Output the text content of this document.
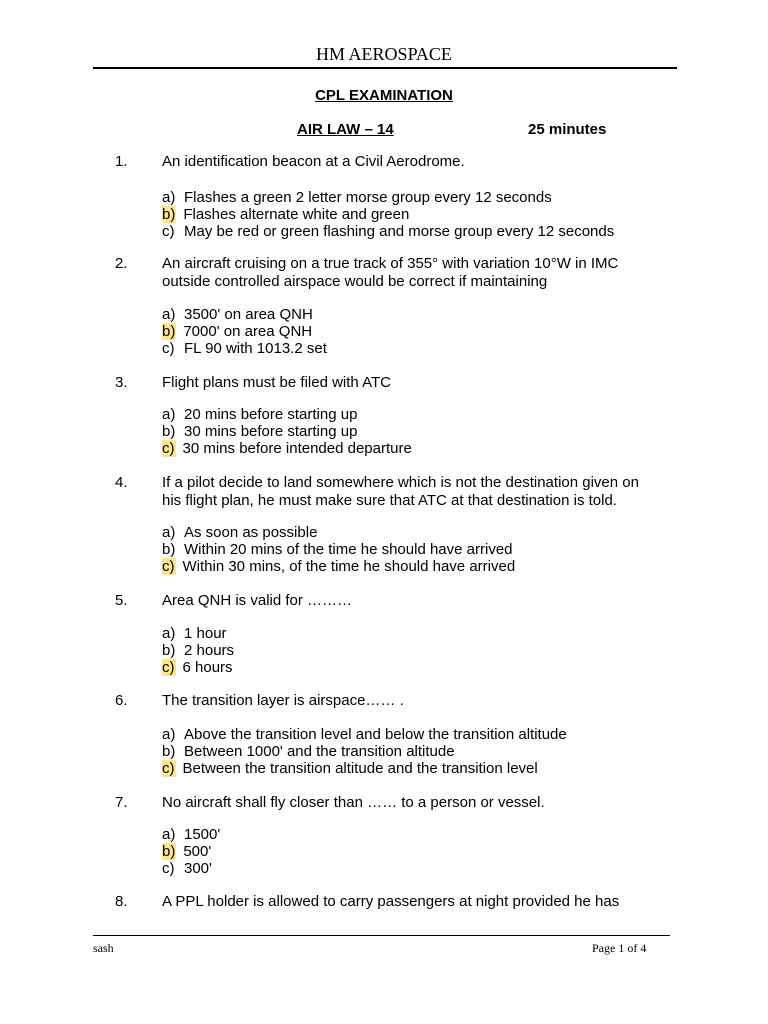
HM AEROSPACE
CPL EXAMINATION
AIR LAW – 14	25 minutes
1. An identification beacon at a Civil Aerodrome.
a) Flashes a green 2 letter morse group every 12 seconds
b) Flashes alternate white and green
c) May be red or green flashing and morse group every 12 seconds
2. An aircraft cruising on a true track of 355° with variation 10°W in IMC outside controlled airspace would be correct if maintaining
a) 3500' on area QNH
b) 7000' on area QNH
c) FL 90 with 1013.2 set
3. Flight plans must be filed with ATC
a) 20 mins before starting up
b) 30 mins before starting up
c) 30 mins before intended departure
4. If a pilot decide to land somewhere which is not the destination given on his flight plan, he must make sure that ATC at that destination is told.
a) As soon as possible
b) Within 20 mins of the time he should have arrived
c) Within 30 mins, of the time he should have arrived
5. Area QNH is valid for ………
a) 1 hour
b) 2 hours
c) 6 hours
6. The transition layer is airspace…… .
a) Above the transition level and below the transition altitude
b) Between 1000' and the transition altitude
c) Between the transition altitude and the transition level
7. No aircraft shall fly closer than …… to a person or vessel.
a) 1500'
b) 500'
c) 300'
8. A PPL holder is allowed to carry passengers at night provided he has
sash	Page 1 of 4
